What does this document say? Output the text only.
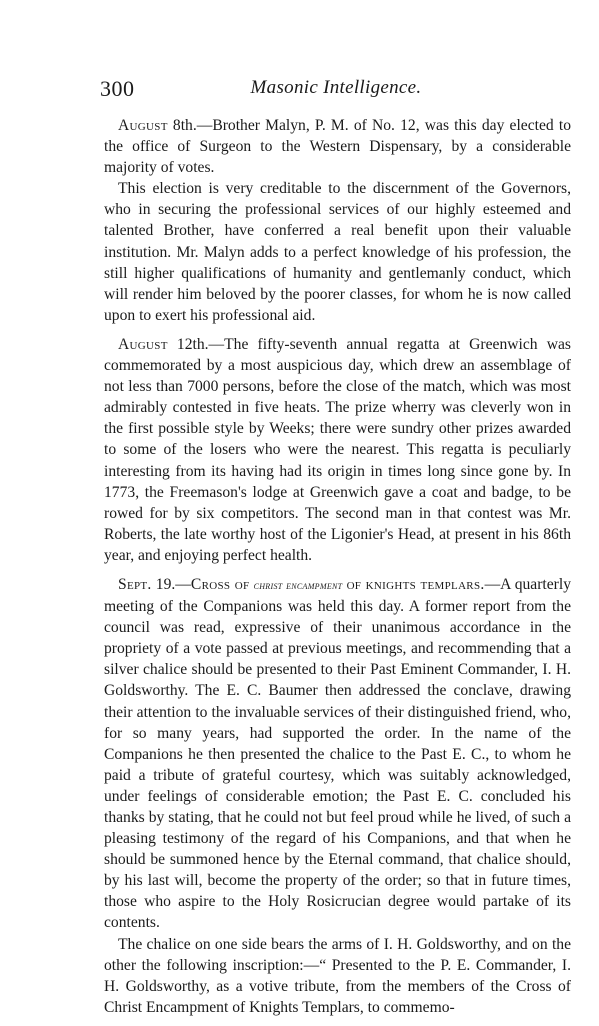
300	Masonic Intelligence.

August 8th.—Brother Malyn, P. M. of No. 12, was this day elected to the office of Surgeon to the Western Dispensary, by a considerable majority of votes.

This election is very creditable to the discernment of the Governors, who in securing the professional services of our highly esteemed and talented Brother, have conferred a real benefit upon their valuable institution. Mr. Malyn adds to a perfect knowledge of his profession, the still higher qualifications of humanity and gentlemanly conduct, which will render him beloved by the poorer classes, for whom he is now called upon to exert his professional aid.

August 12th.—The fifty-seventh annual regatta at Greenwich was commemorated by a most auspicious day, which drew an assemblage of not less than 7000 persons, before the close of the match, which was most admirably contested in five heats. The prize wherry was cleverly won in the first possible style by Weeks; there were sundry other prizes awarded to some of the losers who were the nearest. This regatta is peculiarly interesting from its having had its origin in times long since gone by. In 1773, the Freemason's lodge at Greenwich gave a coat and badge, to be rowed for by six competitors. The second man in that contest was Mr. Roberts, the late worthy host of the Ligonier's Head, at present in his 86th year, and enjoying perfect health.

Sept. 19.—Cross of christ encampment of knights templars.—A quarterly meeting of the Companions was held this day. A former report from the council was read, expressive of their unanimous accordance in the propriety of a vote passed at previous meetings, and recommending that a silver chalice should be presented to their Past Eminent Commander, I. H. Goldsworthy. The E. C. Baumer then addressed the conclave, drawing their attention to the invaluable services of their distinguished friend, who, for so many years, had supported the order. In the name of the Companions he then presented the chalice to the Past E. C., to whom he paid a tribute of grateful courtesy, which was suitably acknowledged, under feelings of considerable emotion; the Past E. C. concluded his thanks by stating, that he could not but feel proud while he lived, of such a pleasing testimony of the regard of his Companions, and that when he should be summoned hence by the Eternal command, that chalice should, by his last will, become the property of the order; so that in future times, those who aspire to the Holy Rosicrucian degree would partake of its contents.

The chalice on one side bears the arms of I. H. Goldsworthy, and on the other the following inscription:—“ Presented to the P. E. Commander, I. H. Goldsworthy, as a votive tribute, from the members of the Cross of Christ Encampment of Knights Templars, to commemo-
